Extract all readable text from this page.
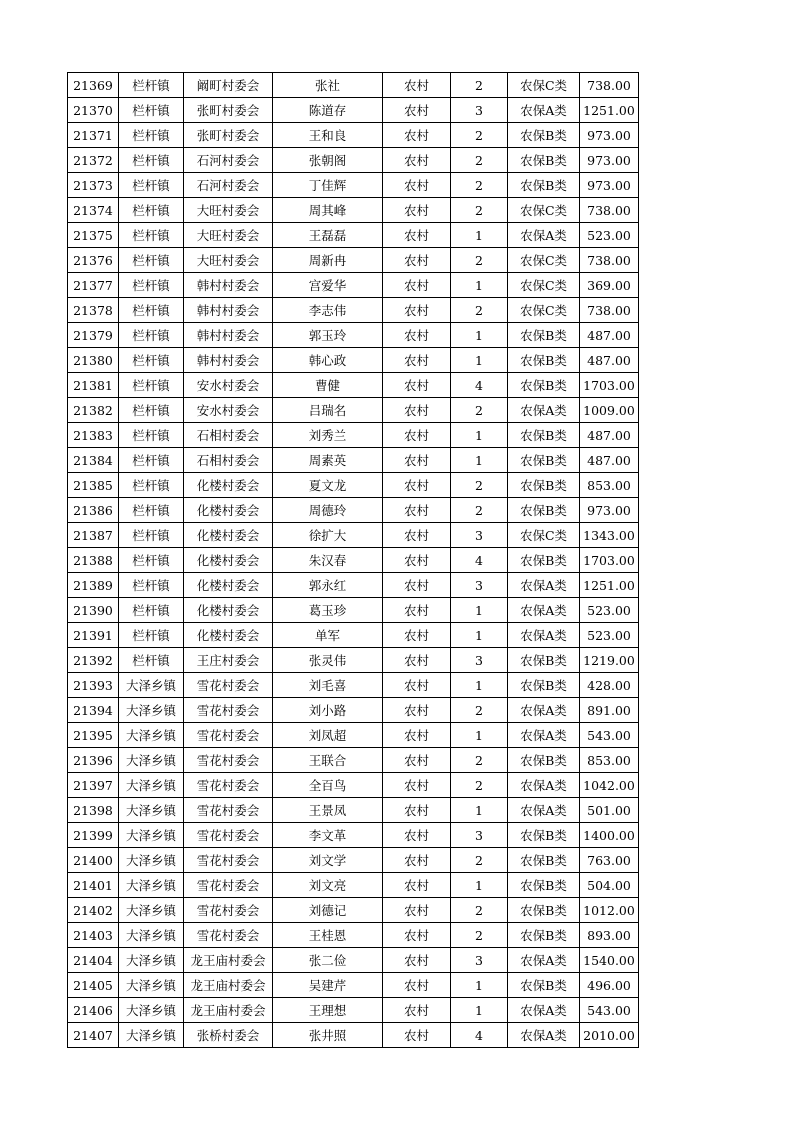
21369	栏杆镇	阚町村委会	张社	农村	2	农保C类	738.00
21370	栏杆镇	张町村委会	陈道存	农村	3	农保A类	1251.00
21371	栏杆镇	张町村委会	王和良	农村	2	农保B类	973.00
21372	栏杆镇	石河村委会	张朝阁	农村	2	农保B类	973.00
21373	栏杆镇	石河村委会	丁佳辉	农村	2	农保B类	973.00
21374	栏杆镇	大旺村委会	周其峰	农村	2	农保C类	738.00
21375	栏杆镇	大旺村委会	王磊磊	农村	1	农保A类	523.00
21376	栏杆镇	大旺村委会	周新冉	农村	2	农保C类	738.00
21377	栏杆镇	韩村村委会	宫爱华	农村	1	农保C类	369.00
21378	栏杆镇	韩村村委会	李志伟	农村	2	农保C类	738.00
21379	栏杆镇	韩村村委会	郭玉玲	农村	1	农保B类	487.00
21380	栏杆镇	韩村村委会	韩心政	农村	1	农保B类	487.00
21381	栏杆镇	安水村委会	曹健	农村	4	农保B类	1703.00
21382	栏杆镇	安水村委会	吕瑞名	农村	2	农保A类	1009.00
21383	栏杆镇	石相村委会	刘秀兰	农村	1	农保B类	487.00
21384	栏杆镇	石相村委会	周素英	农村	1	农保B类	487.00
21385	栏杆镇	化楼村委会	夏文龙	农村	2	农保B类	853.00
21386	栏杆镇	化楼村委会	周德玲	农村	2	农保B类	973.00
21387	栏杆镇	化楼村委会	徐扩大	农村	3	农保C类	1343.00
21388	栏杆镇	化楼村委会	朱汉春	农村	4	农保B类	1703.00
21389	栏杆镇	化楼村委会	郭永红	农村	3	农保A类	1251.00
21390	栏杆镇	化楼村委会	葛玉珍	农村	1	农保A类	523.00
21391	栏杆镇	化楼村委会	单军	农村	1	农保A类	523.00
21392	栏杆镇	王庄村委会	张灵伟	农村	3	农保B类	1219.00
21393	大泽乡镇	雪花村委会	刘毛喜	农村	1	农保B类	428.00
21394	大泽乡镇	雪花村委会	刘小路	农村	2	农保A类	891.00
21395	大泽乡镇	雪花村委会	刘凤超	农村	1	农保A类	543.00
21396	大泽乡镇	雪花村委会	王联合	农村	2	农保B类	853.00
21397	大泽乡镇	雪花村委会	全百鸟	农村	2	农保A类	1042.00
21398	大泽乡镇	雪花村委会	王景凤	农村	1	农保A类	501.00
21399	大泽乡镇	雪花村委会	李文革	农村	3	农保B类	1400.00
21400	大泽乡镇	雪花村委会	刘文学	农村	2	农保B类	763.00
21401	大泽乡镇	雪花村委会	刘文亮	农村	1	农保B类	504.00
21402	大泽乡镇	雪花村委会	刘德记	农村	2	农保B类	1012.00
21403	大泽乡镇	雪花村委会	王桂恩	农村	2	农保B类	893.00
21404	大泽乡镇	龙王庙村委会	张二俭	农村	3	农保A类	1540.00
21405	大泽乡镇	龙王庙村委会	吴建芹	农村	1	农保B类	496.00
21406	大泽乡镇	龙王庙村委会	王理想	农村	1	农保A类	543.00
21407	大泽乡镇	张桥村委会	张井照	农村	4	农保A类	2010.00
